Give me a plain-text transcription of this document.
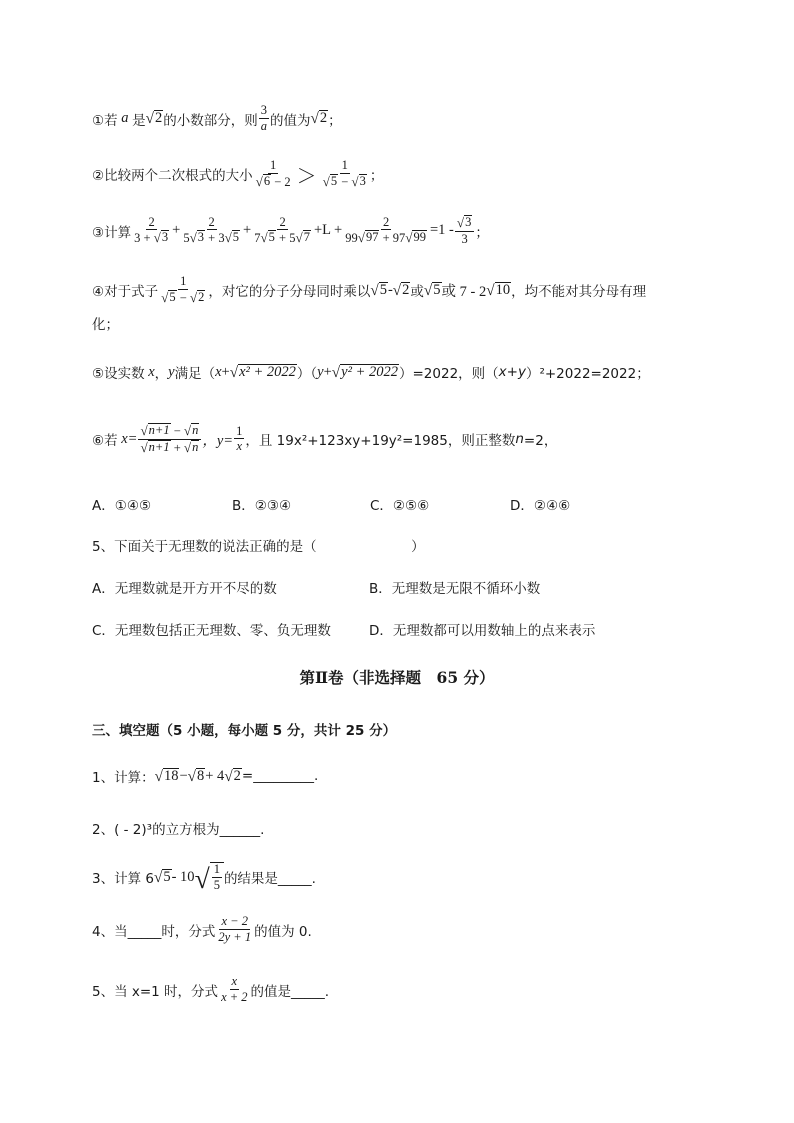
①若 a 是 √ 2 的小数部分，则 $\frac{3}{a}$ 的值为 √ 2 ；
②比较两个二次根式的大小 $\frac{1}{√ 6 - 2} > \frac{1}{√ 5 - √ 3}$ ；
③计算 $\frac{2}{3 + √ 3} + \frac{2}{5 √ 3 + 3 √ 5} + \frac{2}{7 √ 5 + 5 √ 7} +L + \frac{2}{99 √ 97 + 97 √ 99} =1 - \frac{√ 3}{3}$ ；
④对于式子 $\frac{1}{√ 5 - √ 2}$ ，对它的分子分母同时乘以 √ 5 - √ 2 或 √ 5 或 7 - 2 √ 10 ，均不能对其分母有理
化；
⑤设实数
x ， y 满足（ x + √ x² + 2022 ）（ y + √ y² + 2022 ）=2022，则（ x+y ）²+2022=2022；
⑥若
$x= \frac{√ n+1 - √ n}{√ n+1 + √ n}$ ，$y= \frac{1}{x}$ ，且 19x²+123xy+19y²=1985，则正整数 n =2，
A．①④⑤	B．②③④	C．②⑤⑥	D．②④⑥
5、下面关于无理数的说法正确的是（　　　　　　　）
A．无理数就是开方开不尽的数	B．无理数是无限不循环小数
C．无理数包括正无理数、零、负无理数	D．无理数都可以用数轴上的点来表示
第Ⅱ卷（非选择题　65 分）
三、填空题（5 小题，每小题 5 分，共计 25 分）
1、计算： √ 18 − √ 8 + 4 √ 2 =_________.
2、( - 2)³的立方根为______.
3、计算 6 √ 5 - 10 √ $\frac{1}{5}$ 的结果是_____.
4、当_____时，分式 $\frac{x - 2}{2y + 1}$ 的值为 0.
5、当 x=1 时，分式 $\frac{x}{x + 2}$ 的值是_____.
